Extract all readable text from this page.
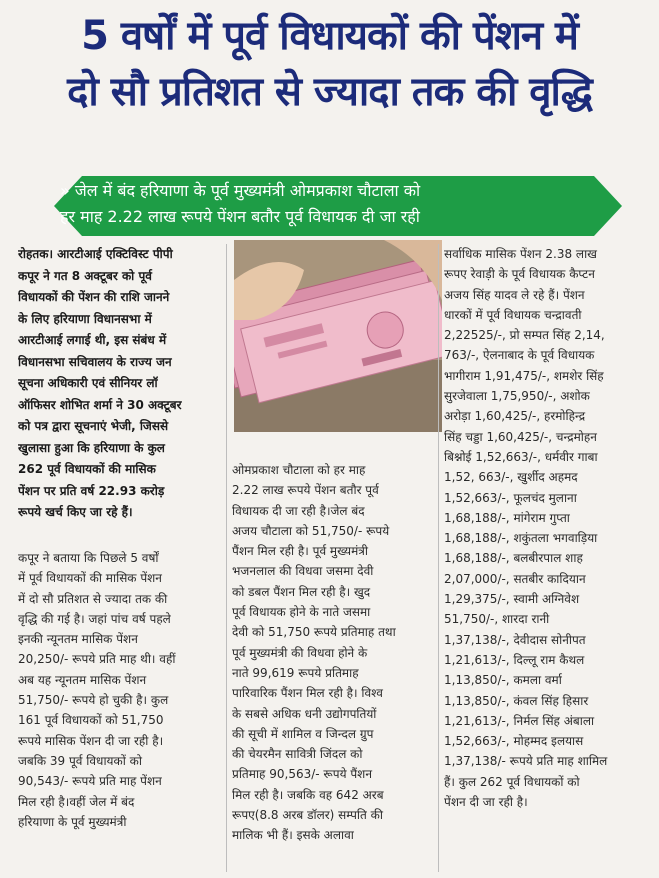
5 वर्षों में पूर्व विधायकों की पेंशन में
दो सौ प्रतिशत से ज्यादा तक की वृद्धि
» जेल में बंद हरियाणा के पूर्व मुख्यमंत्री ओमप्रकाश चौटाला को
हर माह 2.22 लाख रूपये पेंशन बतौर पूर्व विधायक दी जा रही

रोहतक। आरटीआई एक्टिविस्ट पीपी

कपूर ने गत 8 अक्टूबर को पूर्व

विधायकों की पेंशन की राशि जानने

के लिए हरियाणा विधानसभा में

आरटीआई लगाई थी, इस संबंध में

विधानसभा सचिवालय के राज्य जन

सूचना अधिकारी एवं सीनियर लॉ

ऑफिसर शोभित शर्मा ने 30 अक्टूबर

को पत्र द्वारा सूचनाएं भेजी, जिससे

खुलासा हुआ कि हरियाणा के कुल

262 पूर्व विधायकों की मासिक

पेंशन पर प्रति वर्ष 22.93 करोड़

रूपये खर्च किए जा रहे हैं।

कपूर ने बताया कि पिछले 5 वर्षों

में पूर्व विधायकों की मासिक पेंशन

में दो सौ प्रतिशत से ज्यादा तक की

वृद्धि की गई है। जहां पांच वर्ष पहले

इनकी न्यूनतम मासिक पेंशन

20,250/- रूपये प्रति माह थी। वहीं

अब यह न्यूनतम मासिक पेंशन

51,750/- रूपये हो चुकी है। कुल

161 पूर्व विधायकों को 51,750

रूपये मासिक पेंशन दी जा रही है।

जबकि 39 पूर्व विधायकों को

90,543/- रूपये प्रति माह पेंशन

मिल रही है।वहीं जेल में बंद

हरियाणा के पूर्व मुख्यमंत्री

ओमप्रकाश चौटाला को हर माह

2.22 लाख रूपये पेंशन बतौर पूर्व

विधायक दी जा रही है।जेल बंद

अजय चौटाला को 51,750/- रूपये

पैंशन मिल रही है। पूर्व मुख्यमंत्री

भजनलाल की विधवा जसमा देवी

को डबल पैंशन मिल रही है। खुद

पूर्व विधायक होने के नाते जसमा

देवी को 51,750 रूपये प्रतिमाह तथा

पूर्व मुख्यमंत्री की विधवा होने के

नाते 99,619 रूपये प्रतिमाह

पारिवारिक पैंशन मिल रही है। विश्व

के सबसे अधिक धनी उद्योगपतियों

की सूची में शामिल व जिन्दल ग्रुप

की चेयरमैन सावित्री जिंदल को

प्रतिमाह 90,563/- रूपये पैंशन

मिल रही है। जबकि वह 642 अरब

रूपए(8.8 अरब डॉलर) सम्पति की

मालिक भी हैं। इसके अलावा

सर्वाधिक मासिक पेंशन 2.38 लाख

रूपए रेवाड़ी के पूर्व विधायक कैप्टन

अजय सिंह यादव ले रहे हैं। पेंशन

धारकों में पूर्व विधायक चन्द्रावती

2,22525/-, प्रो सम्पत सिंह 2,14,

763/-, ऐलनाबाद के पूर्व विधायक

भागीराम 1,91,475/-, शमशेर सिंह

सुरजेवाला 1,75,950/-, अशोक

अरोड़ा 1,60,425/-, हरमोहिन्द्र

सिंह चड्डा 1,60,425/-, चन्द्रमोहन

बिश्नोई 1,52,663/-, धर्मवीर गाबा

1,52, 663/-, खुर्शीद अहमद

1,52,663/-, फूलचंद मुलाना

1,68,188/-, मांगेराम गुप्ता

1,68,188/-, शकुंतला भगवाड़िया

1,68,188/-, बलबीरपाल शाह

2,07,000/-, सतबीर कादियान

1,29,375/-, स्वामी अग्निवेश

51,750/-, शारदा रानी

1,37,138/-, देवीदास सोनीपत

1,21,613/-, दिल्लू राम कैथल

1,13,850/-, कमला वर्मा

1,13,850/-, कंवल सिंह हिसार

1,21,613/-, निर्मल सिंह अंबाला

1,52,663/-, मोहम्मद इलयास

1,37,138/- रूपये प्रति माह शामिल

हैं। कुल 262 पूर्व विधायकों को

पेंशन दी जा रही है।
